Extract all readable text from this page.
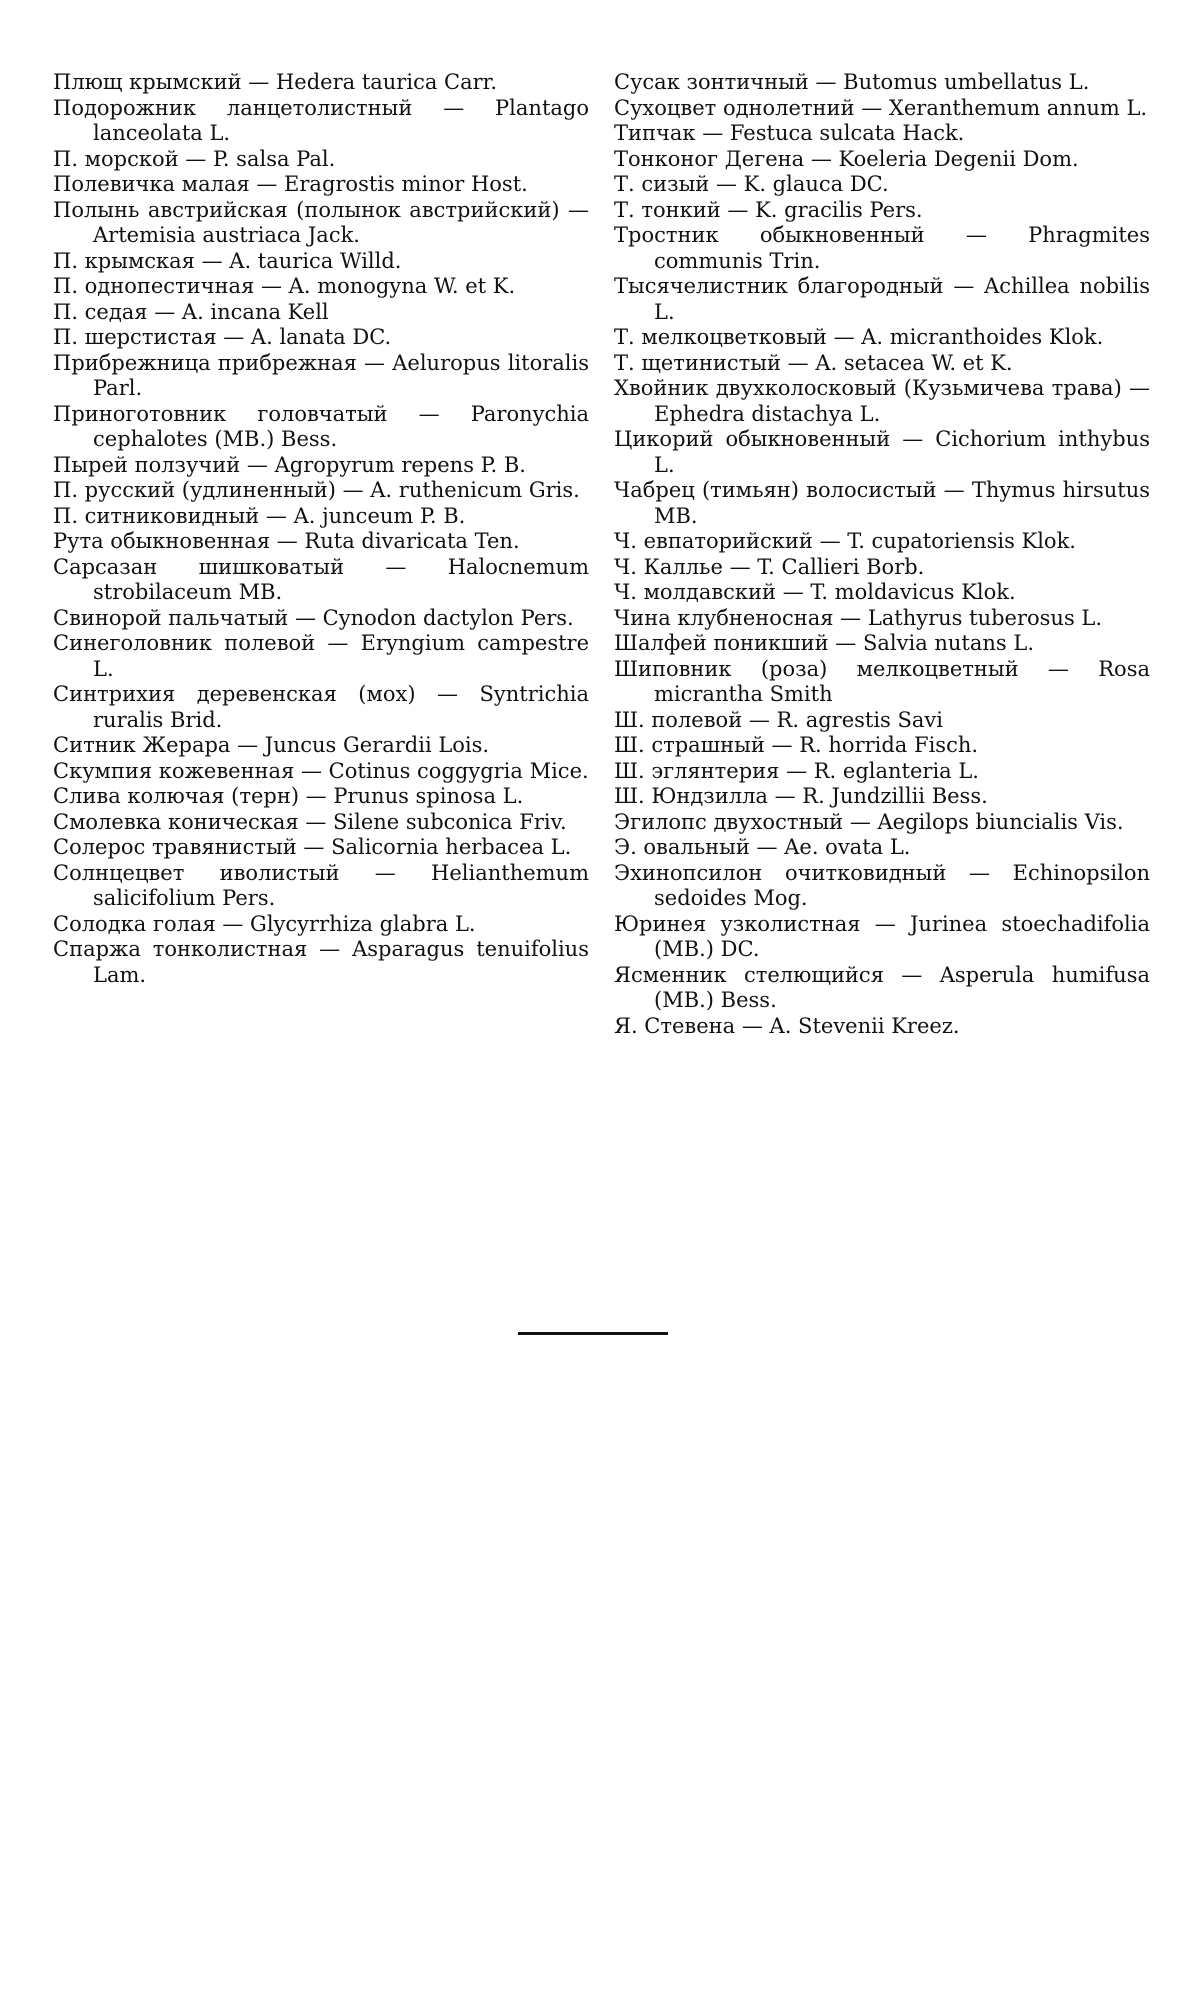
Плющ крымский — Hedera taurica Carr.

Подорожник ланцетолистный — Plantago lanceolata L.

П. морской — P. salsa Pal.

Полевичка малая — Eragrostis minor Host.

Полынь австрийская (полынок австрийский) — Artemisia austriaca Jack.

П. крымская — A. taurica Willd.

П. однопестичная — A. monogyna W. et K.

П. седая — A. incana Kell

П. шерстистая — A. lanata DC.

Прибрежница прибрежная — Aeluropus litoralis Parl.

Приноготовник головчатый — Paronychia cephalotes (MB.) Bess.

Пырей ползучий — Agropyrum repens P. B.

П. русский (удлиненный) — A. ruthenicum Gris.

П. ситниковидный — A. junceum P. B.

Рута обыкновенная — Ruta divaricata Ten.

Сарсазан шишковатый — Halocnemum strobilaceum MB.

Свинорой пальчатый — Cynodon dactylon Pers.

Синеголовник полевой — Eryngium campestre L.

Синтрихия деревенская (мох) — Syntrichia ruralis Brid.

Ситник Жерара — Juncus Gerardii Lois.

Скумпия кожевенная — Cotinus coggygria Mice.

Слива колючая (терн) — Prunus spinosa L.

Смолевка коническая — Silene subconica Friv.

Солерос травянистый — Salicornia herbacea L.

Солнцецвет иволистый — Helianthemum salicifolium Pers.

Солодка голая — Glycyrrhiza glabra L.

Спаржа тонколистная — Asparagus tenuifolius Lam.

Сусак зонтичный — Butomus umbellatus L.

Сухоцвет однолетний — Xeranthemum annum L.

Типчак — Festuca sulcata Hack.

Тонконог Дегена — Koeleria Degenii Dom.

Т. сизый — K. glauca DC.

Т. тонкий — K. gracilis Pers.

Тростник обыкновенный — Phragmites communis Trin.

Тысячелистник благородный — Achillea nobilis L.

Т. мелкоцветковый — A. micranthoides Klok.

Т. щетинистый — A. setacea W. et K.

Хвойник двухколосковый (Кузьмичева трава) — Ephedra distachya L.

Цикорий обыкновенный — Cichorium inthybus L.

Чабрец (тимьян) волосистый — Thymus hirsutus MB.

Ч. евпаторийский — T. cupatoriensis Klok.

Ч. Каллье — T. Callieri Borb.

Ч. молдавский — T. moldavicus Klok.

Чина клубненосная — Lathyrus tuberosus L.

Шалфей поникший — Salvia nutans L.

Шиповник (роза) мелкоцветный — Rosa micrantha Smith

Ш. полевой — R. agrestis Savi

Ш. страшный — R. horrida Fisch.

Ш. эглянтерия — R. eglanteria L.

Ш. Юндзилла — R. Jundzillii Bess.

Эгилопс двухостный — Aegilops biuncialis Vis.

Э. овальный — Ae. ovata L.

Эхинопсилон очитковидный — Echinopsilon sedoides Mog.

Юринея узколистная — Jurinea stoechadifolia (MB.) DC.

Ясменник стелющийся — Asperula humifusa (MB.) Bess.

Я. Стевена — A. Stevenii Kreez.
